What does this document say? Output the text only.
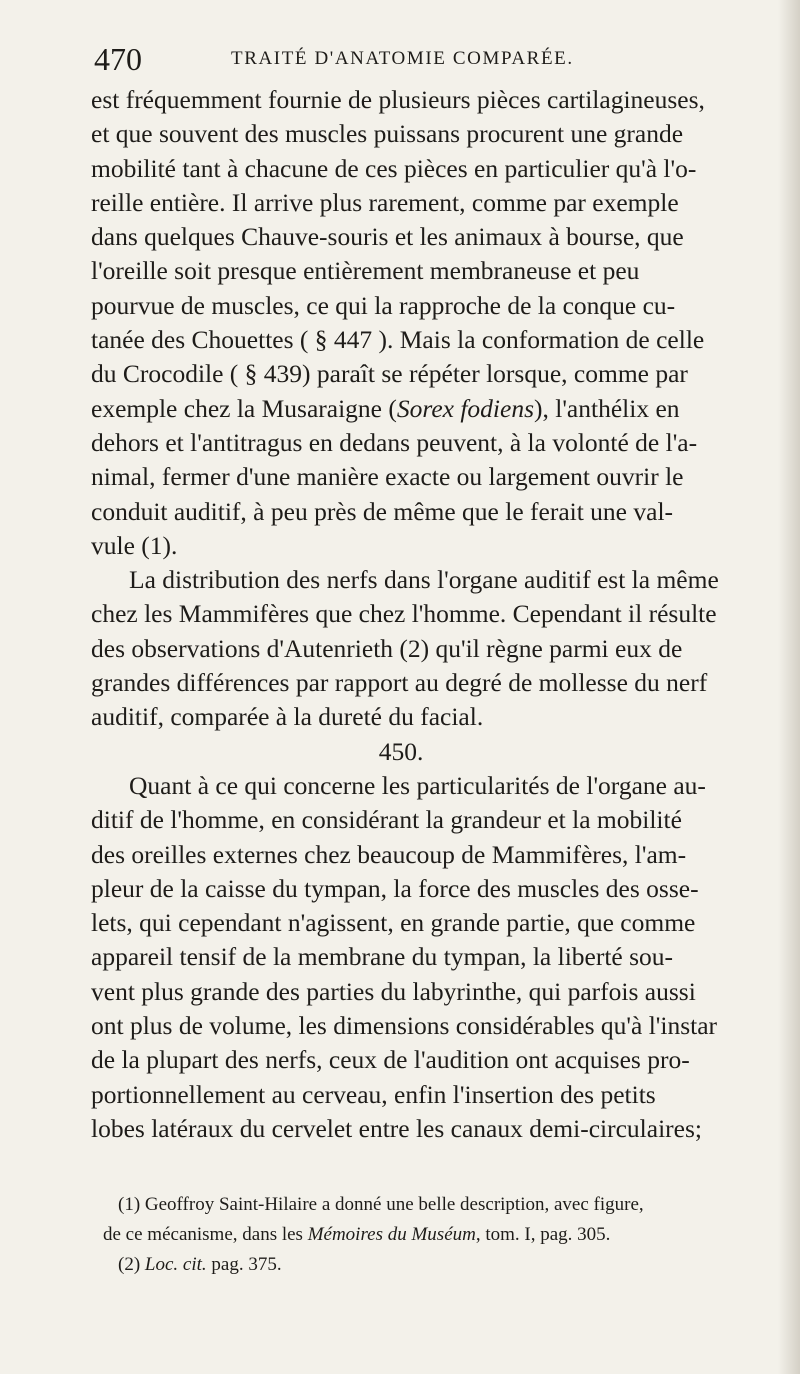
470	TRAITÉ D'ANATOMIE COMPARÉE.
est fréquemment fournie de plusieurs pièces cartilagineuses,
et que souvent des muscles puissans procurent une grande
mobilité tant à chacune de ces pièces en particulier qu'à l'o-
reille entière. Il arrive plus rarement, comme par exemple
dans quelques Chauve-souris et les animaux à bourse, que
l'oreille soit presque entièrement membraneuse et peu
pourvue de muscles, ce qui la rapproche de la conque cu-
tanée des Chouettes ( § 447 ). Mais la conformation de celle
du Crocodile ( § 439) paraît se répéter lorsque, comme par
exemple chez la Musaraigne (Sorex fodiens), l'anthélix en
dehors et l'antitragus en dedans peuvent, à la volonté de l'a-
nimal, fermer d'une manière exacte ou largement ouvrir le
conduit auditif, à peu près de même que le ferait une val-
vule (1).
La distribution des nerfs dans l'organe auditif est la même
chez les Mammifères que chez l'homme. Cependant il résulte
des observations d'Autenrieth (2) qu'il règne parmi eux de
grandes différences par rapport au degré de mollesse du nerf
auditif, comparée à la dureté du facial.
450.
Quant à ce qui concerne les particularités de l'organe au-
ditif de l'homme, en considérant la grandeur et la mobilité
des oreilles externes chez beaucoup de Mammifères, l'am-
pleur de la caisse du tympan, la force des muscles des osse-
lets, qui cependant n'agissent, en grande partie, que comme
appareil tensif de la membrane du tympan, la liberté sou-
vent plus grande des parties du labyrinthe, qui parfois aussi
ont plus de volume, les dimensions considérables qu'à l'instar
de la plupart des nerfs, ceux de l'audition ont acquises pro-
portionnellement au cerveau, enfin l'insertion des petits
lobes latéraux du cervelet entre les canaux demi-circulaires;
(1) Geoffroy Saint-Hilaire a donné une belle description, avec figure,
de ce mécanisme, dans les Mémoires du Muséum, tom. I, pag. 305.
(2) Loc. cit. pag. 375.
